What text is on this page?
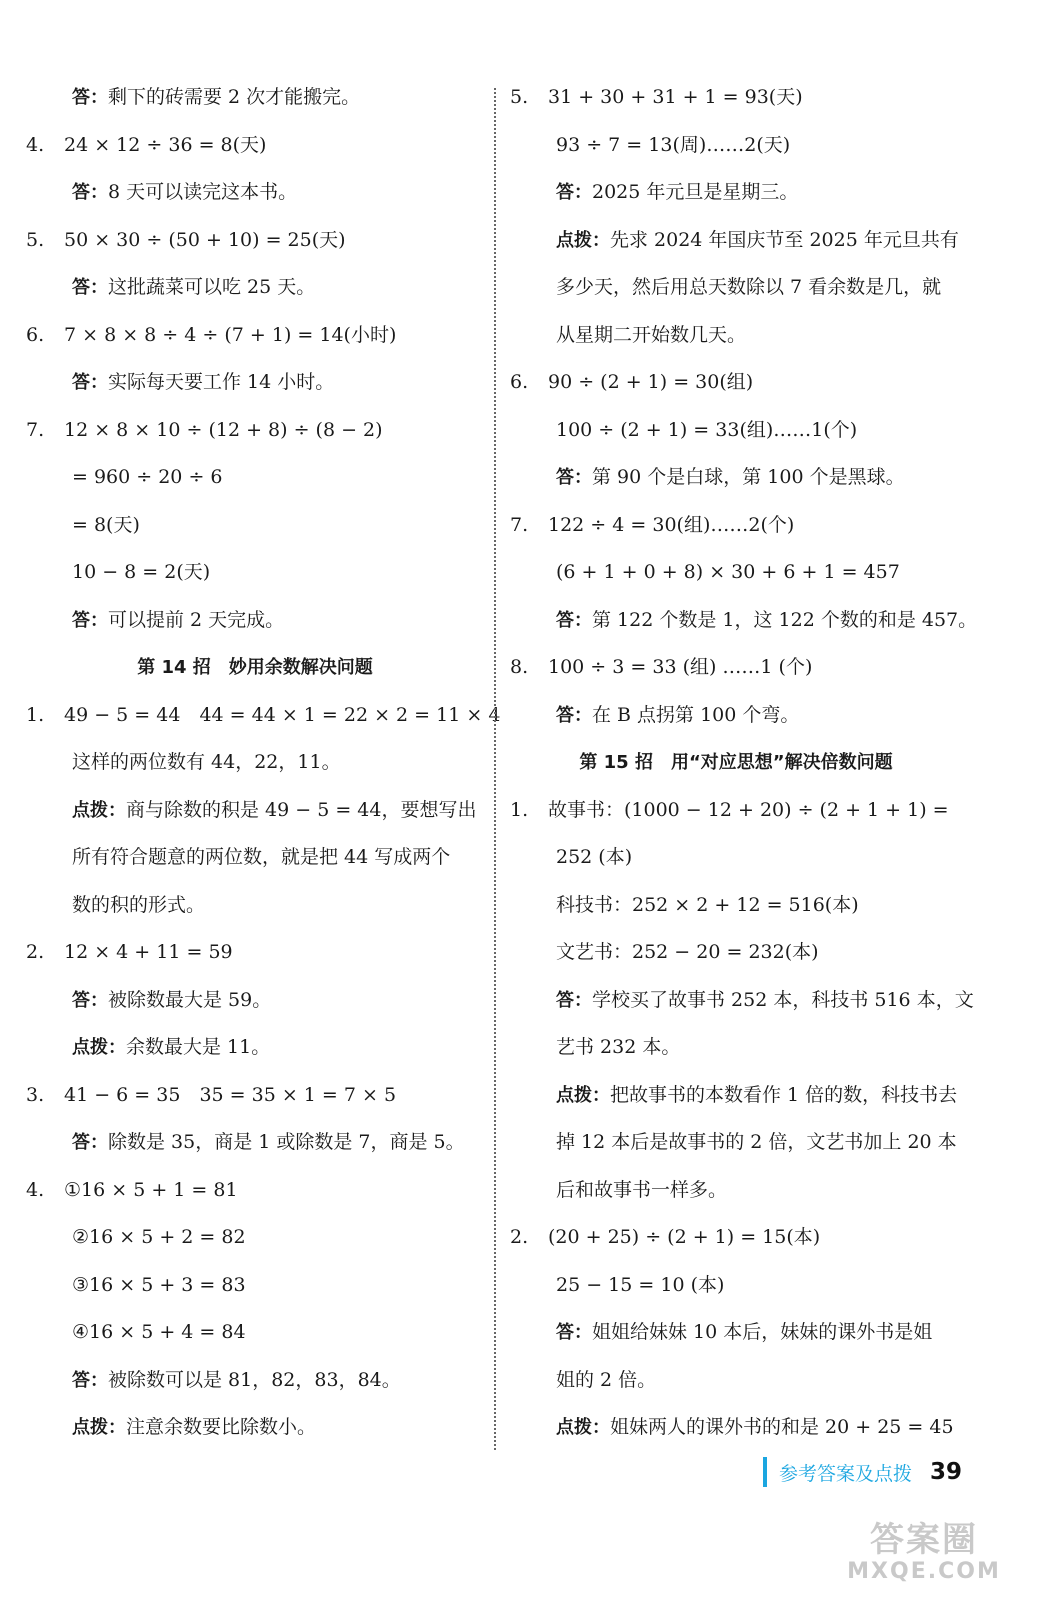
答：剩下的砖需要 2 次才能搬完。
4. 24 × 12 ÷ 36 = 8(天)
答：8 天可以读完这本书。
5. 50 × 30 ÷ (50 + 10) = 25(天)
答：这批蔬菜可以吃 25 天。
6. 7 × 8 × 8 ÷ 4 ÷ (7 + 1) = 14(小时)
答：实际每天要工作 14 小时。
7. 12 × 8 × 10 ÷ (12 + 8) ÷ (8 − 2)
= 960 ÷ 20 ÷ 6
= 8(天)
10 − 8 = 2(天)
答：可以提前 2 天完成。
第 14 招　妙用余数解决问题
1. 49 − 5 = 44　44 = 44 × 1 = 22 × 2 = 11 × 4
这样的两位数有 44，22，11。
点拨：商与除数的积是 49 − 5 = 44，要想写出
所有符合题意的两位数，就是把 44 写成两个
数的积的形式。
2. 12 × 4 + 11 = 59
答：被除数最大是 59。
点拨：余数最大是 11。
3. 41 − 6 = 35　35 = 35 × 1 = 7 × 5
答：除数是 35，商是 1 或除数是 7，商是 5。
4. ①16 × 5 + 1 = 81
②16 × 5 + 2 = 82
③16 × 5 + 3 = 83
④16 × 5 + 4 = 84
答：被除数可以是 81，82，83，84。
点拨：注意余数要比除数小。
5. 31 + 30 + 31 + 1 = 93(天)
93 ÷ 7 = 13(周)……2(天)
答：2025 年元旦是星期三。
点拨：先求 2024 年国庆节至 2025 年元旦共有
多少天，然后用总天数除以 7 看余数是几，就
从星期二开始数几天。
6. 90 ÷ (2 + 1) = 30(组)
100 ÷ (2 + 1) = 33(组)……1(个)
答：第 90 个是白球，第 100 个是黑球。
7. 122 ÷ 4 = 30(组)……2(个)
(6 + 1 + 0 + 8) × 30 + 6 + 1 = 457
答：第 122 个数是 1，这 122 个数的和是 457。
8. 100 ÷ 3 = 33 (组) ……1 (个)
答：在 B 点拐第 100 个弯。
第 15 招　用“对应思想”解决倍数问题
1. 故事书：(1000 − 12 + 20) ÷ (2 + 1 + 1) =
252 (本)
科技书：252 × 2 + 12 = 516(本)
文艺书：252 − 20 = 232(本)
答：学校买了故事书 252 本，科技书 516 本，文
艺书 232 本。
点拨：把故事书的本数看作 1 倍的数，科技书去
掉 12 本后是故事书的 2 倍，文艺书加上 20 本
后和故事书一样多。
2. (20 + 25) ÷ (2 + 1) = 15(本)
25 − 15 = 10 (本)
答：姐姐给妹妹 10 本后，妹妹的课外书是姐
姐的 2 倍。
点拨：姐妹两人的课外书的和是 20 + 25 = 45
参考答案及点拨 39
答案圈
MXQE.COM
